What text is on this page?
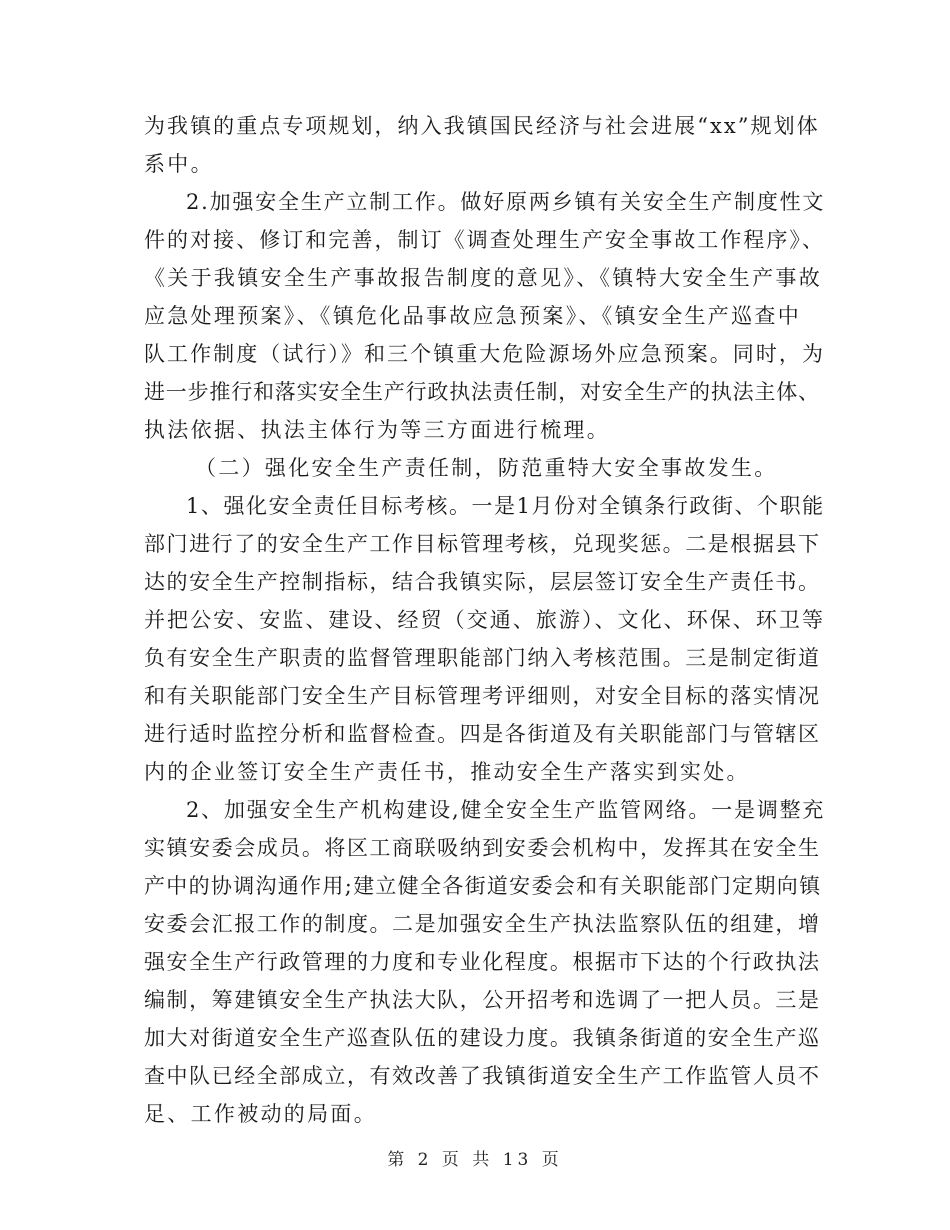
为我镇的重点专项规划，纳入我镇国民经济与社会进展“xx”规划体
系中。
2.加强安全生产立制工作。做好原两乡镇有关安全生产制度性文
件的对接、修订和完善，制订《调查处理生产安全事故工作程序》、
《关于我镇安全生产事故报告制度的意见》、《镇特大安全生产事故
应急处理预案》、《镇危化品事故应急预案》、《镇安全生产巡查中
队工作制度（试行）》和三个镇重大危险源场外应急预案。同时，为
进一步推行和落实安全生产行政执法责任制，对安全生产的执法主体、
执法依据、执法主体行为等三方面进行梳理。
（二）强化安全生产责任制，防范重特大安全事故发生。
1、强化安全责任目标考核。一是1月份对全镇条行政街、个职能
部门进行了的安全生产工作目标管理考核，兑现奖惩。二是根据县下
达的安全生产控制指标，结合我镇实际，层层签订安全生产责任书。
并把公安、安监、建设、经贸（交通、旅游）、文化、环保、环卫等
负有安全生产职责的监督管理职能部门纳入考核范围。三是制定街道
和有关职能部门安全生产目标管理考评细则，对安全目标的落实情况
进行适时监控分析和监督检查。四是各街道及有关职能部门与管辖区
内的企业签订安全生产责任书，推动安全生产落实到实处。
2、加强安全生产机构建设,健全安全生产监管网络。一是调整充
实镇安委会成员。将区工商联吸纳到安委会机构中，发挥其在安全生
产中的协调沟通作用;建立健全各街道安委会和有关职能部门定期向镇
安委会汇报工作的制度。二是加强安全生产执法监察队伍的组建，增
强安全生产行政管理的力度和专业化程度。根据市下达的个行政执法
编制，筹建镇安全生产执法大队，公开招考和选调了一把人员。三是
加大对街道安全生产巡查队伍的建设力度。我镇条街道的安全生产巡
查中队已经全部成立，有效改善了我镇街道安全生产工作监管人员不
足、工作被动的局面。
第 2 页 共 13 页
